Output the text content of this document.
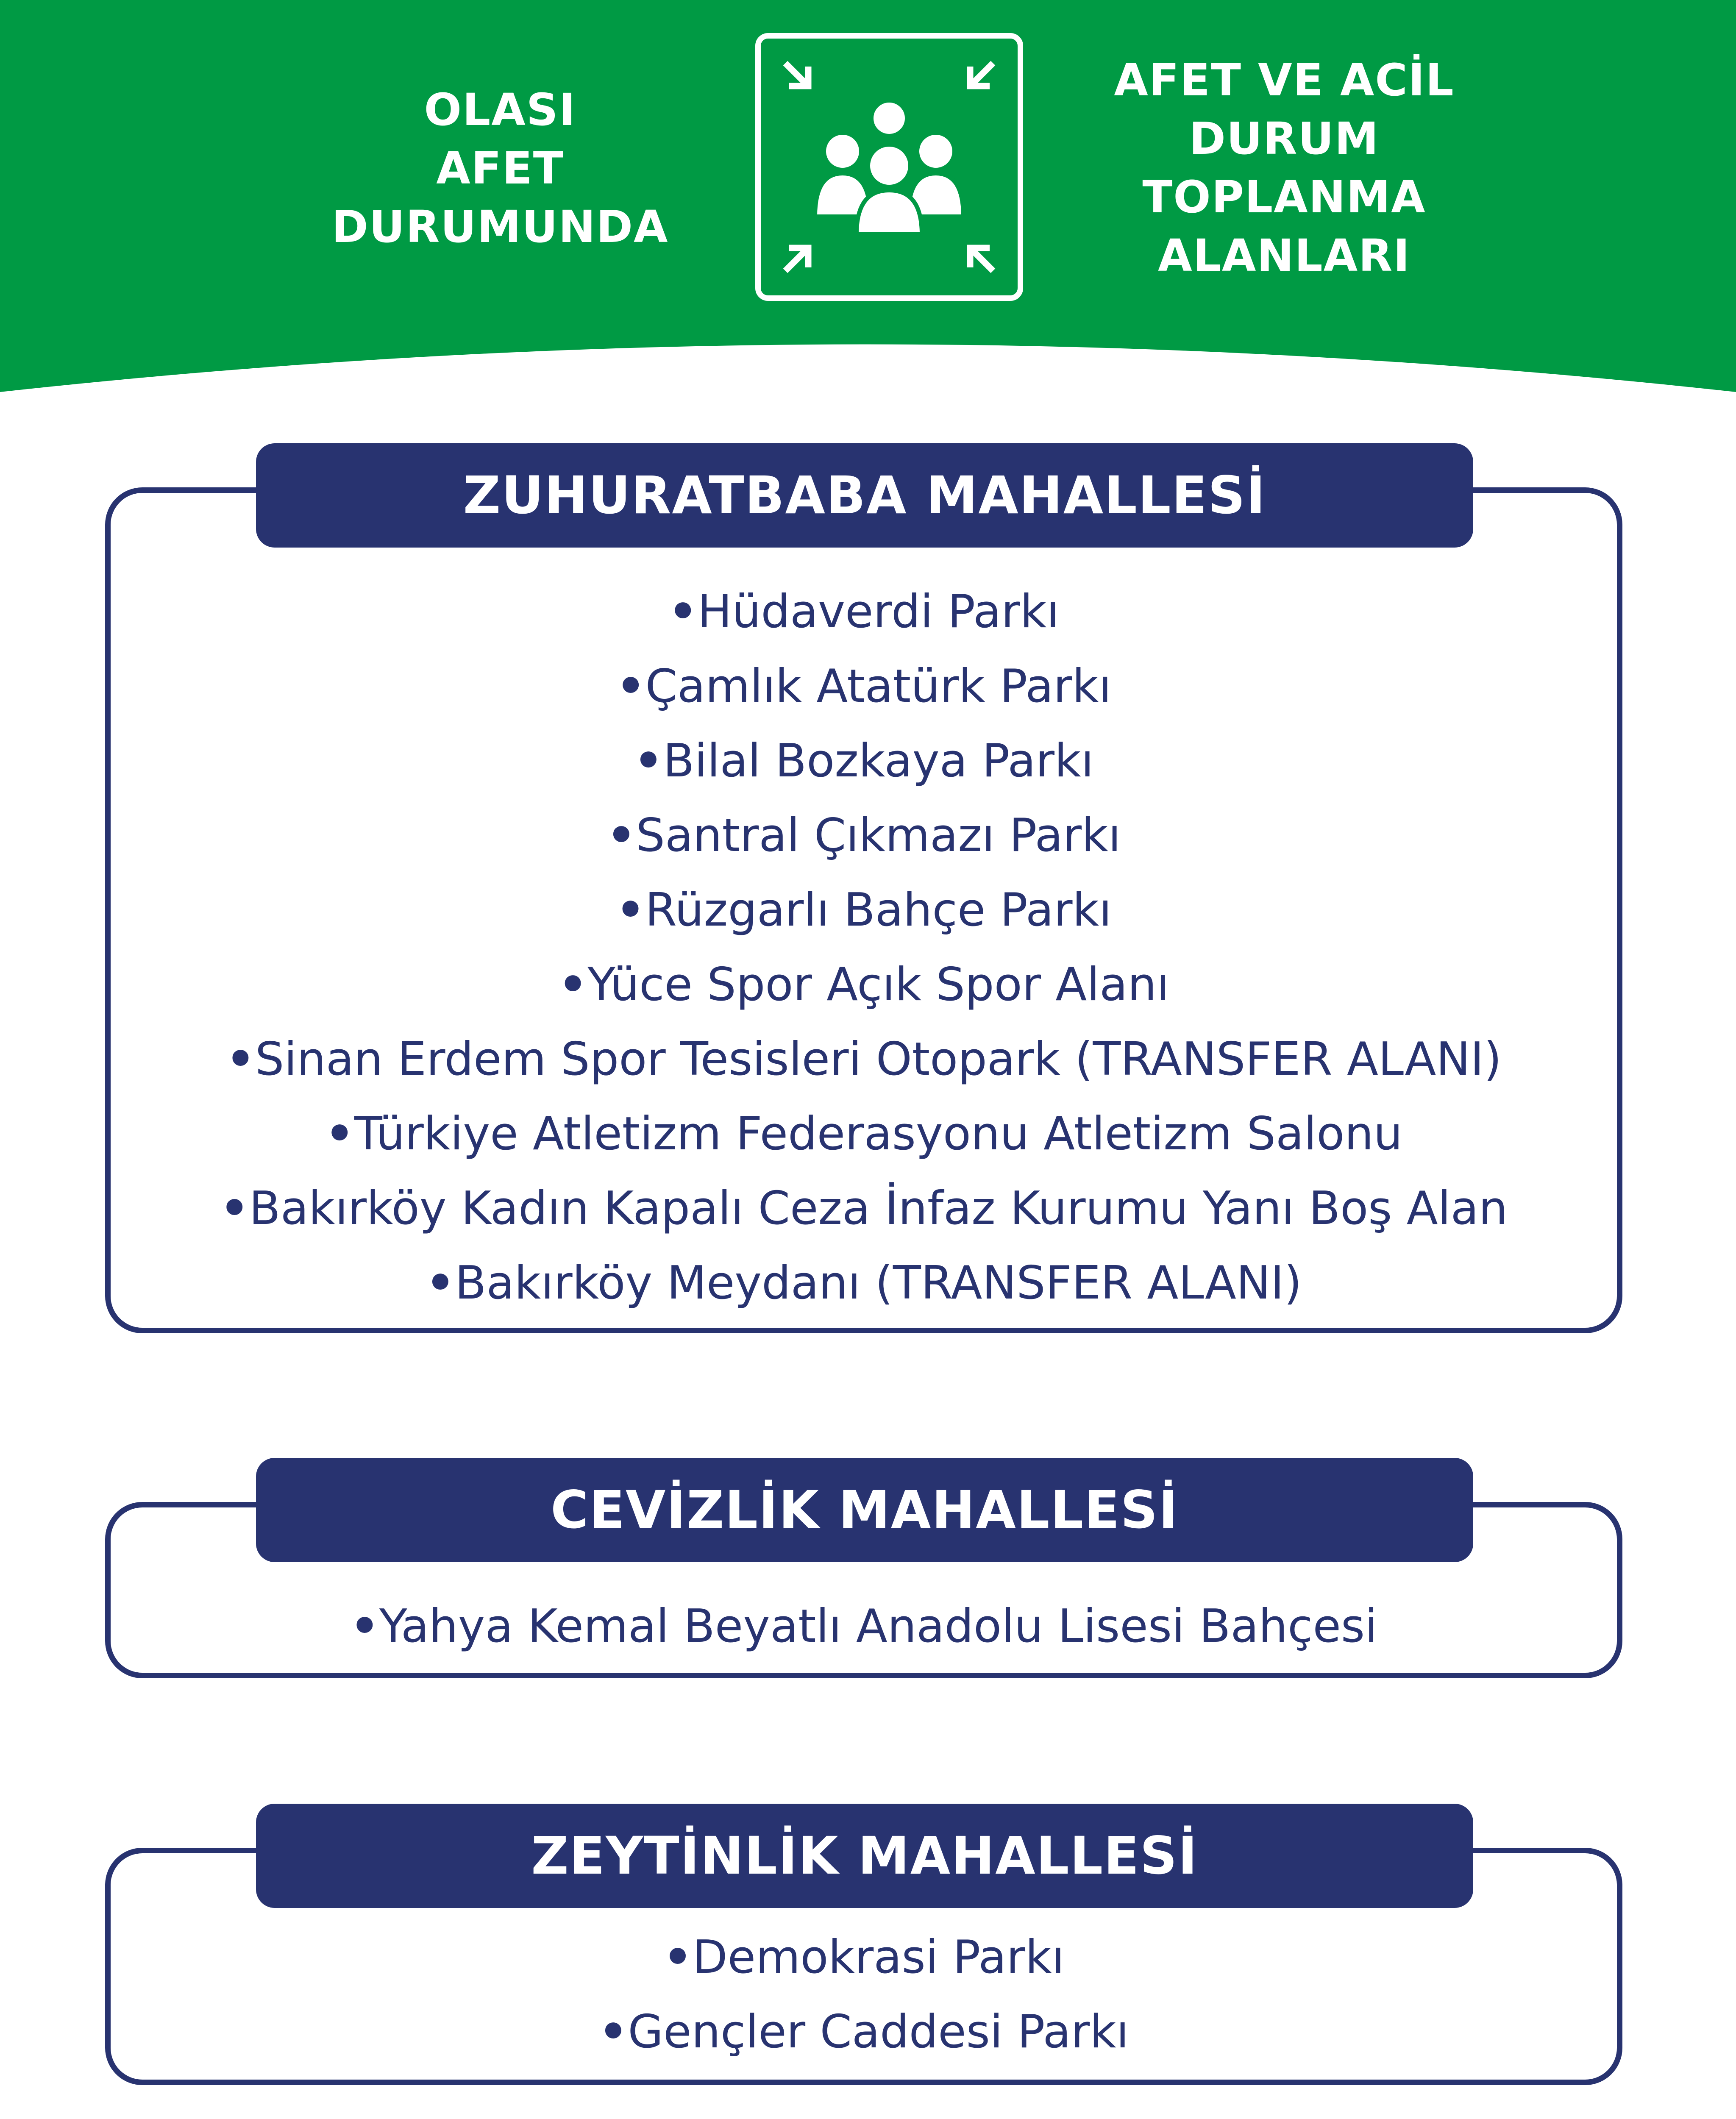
OLASI
AFET
DURUMUNDA
AFET VE ACİL
DURUM
TOPLANMA
ALANLARI
ZUHURATBABA MAHALLESİ
•Hüdaverdi Parkı
•Çamlık Atatürk Parkı
•Bilal Bozkaya Parkı
•Santral Çıkmazı Parkı
•Rüzgarlı Bahçe Parkı
•Yüce Spor Açık Spor Alanı
•Sinan Erdem Spor Tesisleri Otopark (TRANSFER ALANI)
•Türkiye Atletizm Federasyonu Atletizm Salonu
•Bakırköy Kadın Kapalı Ceza İnfaz Kurumu Yanı Boş Alan
•Bakırköy Meydanı (TRANSFER ALANI)
CEVİZLİK MAHALLESİ
•Yahya Kemal Beyatlı Anadolu Lisesi Bahçesi
ZEYTİNLİK MAHALLESİ
•Demokrasi Parkı
•Gençler Caddesi Parkı
